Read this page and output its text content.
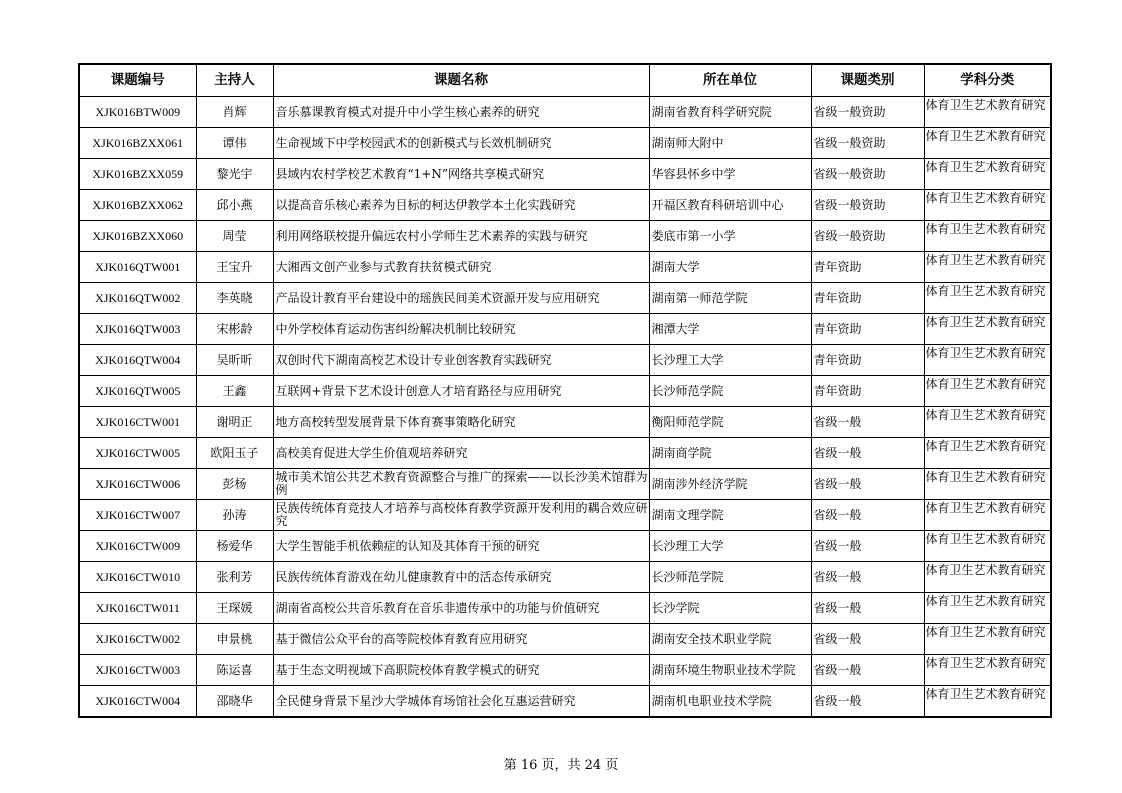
课题编号	主持人	课题名称	所在单位	课题类别	学科分类
XJK016BTW009	肖辉	音乐慕课教育模式对提升中小学生核心素养的研究	湖南省教育科学研究院	省级一般资助	体育卫生艺术教育研究

XJK016BZXX061	谭伟	生命视域下中学校园武术的创新模式与长效机制研究	湖南师大附中	省级一般资助	体育卫生艺术教育研究

XJK016BZXX059	黎光宇	县域内农村学校艺术教育“1+N”网络共享模式研究	华容县怀乡中学	省级一般资助	体育卫生艺术教育研究

XJK016BZXX062	邱小燕	以提高音乐核心素养为目标的柯达伊教学本土化实践研究	开福区教育科研培训中心	省级一般资助	体育卫生艺术教育研究

XJK016BZXX060	周莹	利用网络联校提升偏远农村小学师生艺术素养的实践与研究	娄底市第一小学	省级一般资助	体育卫生艺术教育研究

XJK016QTW001	王宝升	大湘西文创产业参与式教育扶贫模式研究	湖南大学	青年资助	体育卫生艺术教育研究

XJK016QTW002	李英晓	产品设计教育平台建设中的瑶族民间美术资源开发与应用研究	湖南第一师范学院	青年资助	体育卫生艺术教育研究

XJK016QTW003	宋彬龄	中外学校体育运动伤害纠纷解决机制比较研究	湘潭大学	青年资助	体育卫生艺术教育研究

XJK016QTW004	吴昕昕	双创时代下湖南高校艺术设计专业创客教育实践研究	长沙理工大学	青年资助	体育卫生艺术教育研究

XJK016QTW005	王鑫	互联网+背景下艺术设计创意人才培育路径与应用研究	长沙师范学院	青年资助	体育卫生艺术教育研究

XJK016CTW001	谢明正	地方高校转型发展背景下体育赛事策略化研究	衡阳师范学院	省级一般	体育卫生艺术教育研究

XJK016CTW005	欧阳玉子	高校美育促进大学生价值观培养研究	湖南商学院	省级一般	体育卫生艺术教育研究

XJK016CTW006	彭杨	城市美术馆公共艺术教育资源整合与推广的探索——以长沙美术馆群为例	湖南涉外经济学院	省级一般	体育卫生艺术教育研究

XJK016CTW007	孙涛	民族传统体育竞技人才培养与高校体育教学资源开发利用的耦合效应研究	湖南文理学院	省级一般	体育卫生艺术教育研究

XJK016CTW009	杨爱华	大学生智能手机依赖症的认知及其体育干预的研究	长沙理工大学	省级一般	体育卫生艺术教育研究

XJK016CTW010	张利芳	民族传统体育游戏在幼儿健康教育中的活态传承研究	长沙师范学院	省级一般	体育卫生艺术教育研究

XJK016CTW011	王琛媛	湖南省高校公共音乐教育在音乐非遗传承中的功能与价值研究	长沙学院	省级一般	体育卫生艺术教育研究

XJK016CTW002	申景桃	基于微信公众平台的高等院校体育教育应用研究	湖南安全技术职业学院	省级一般	体育卫生艺术教育研究

XJK016CTW003	陈运喜	基于生态文明视域下高职院校体育教学模式的研究	湖南环境生物职业技术学院	省级一般	体育卫生艺术教育研究

XJK016CTW004	邵晓华	全民健身背景下星沙大学城体育场馆社会化互惠运营研究	湖南机电职业技术学院	省级一般	体育卫生艺术教育研究
第 16 页，共 24 页
